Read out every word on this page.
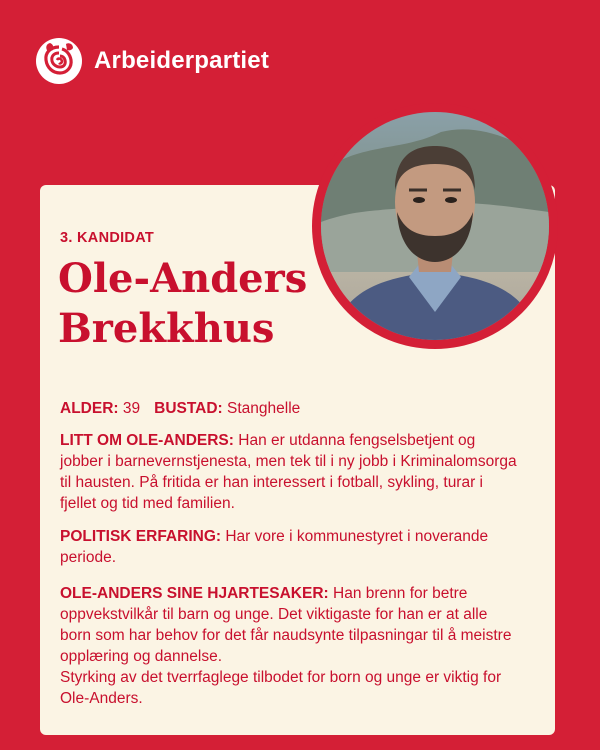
Arbeiderpartiet
3. KANDIDAT
Ole-Anders
Brekkhus
ALDER: 39 BUSTAD: Stanghelle
LITT OM OLE-ANDERS: Han er utdanna fengselsbetjent og jobber i barnevernstjenesta, men tek til i ny jobb i Kriminalomsorga til hausten. På fritida er han interessert i fotball, sykling, turar i fjellet og tid med familien.
POLITISK ERFARING: Har vore i kommunestyret i noverande periode.
OLE-ANDERS SINE HJARTESAKER: Han brenn for betre oppvekstvilkår til barn og unge. Det viktigaste for han er at alle born som har behov for det får naudsynte tilpasningar til å meistre opplæring og dannelse.
Styrking av det tverrfaglege tilbodet for born og unge er viktig for Ole-Anders.
